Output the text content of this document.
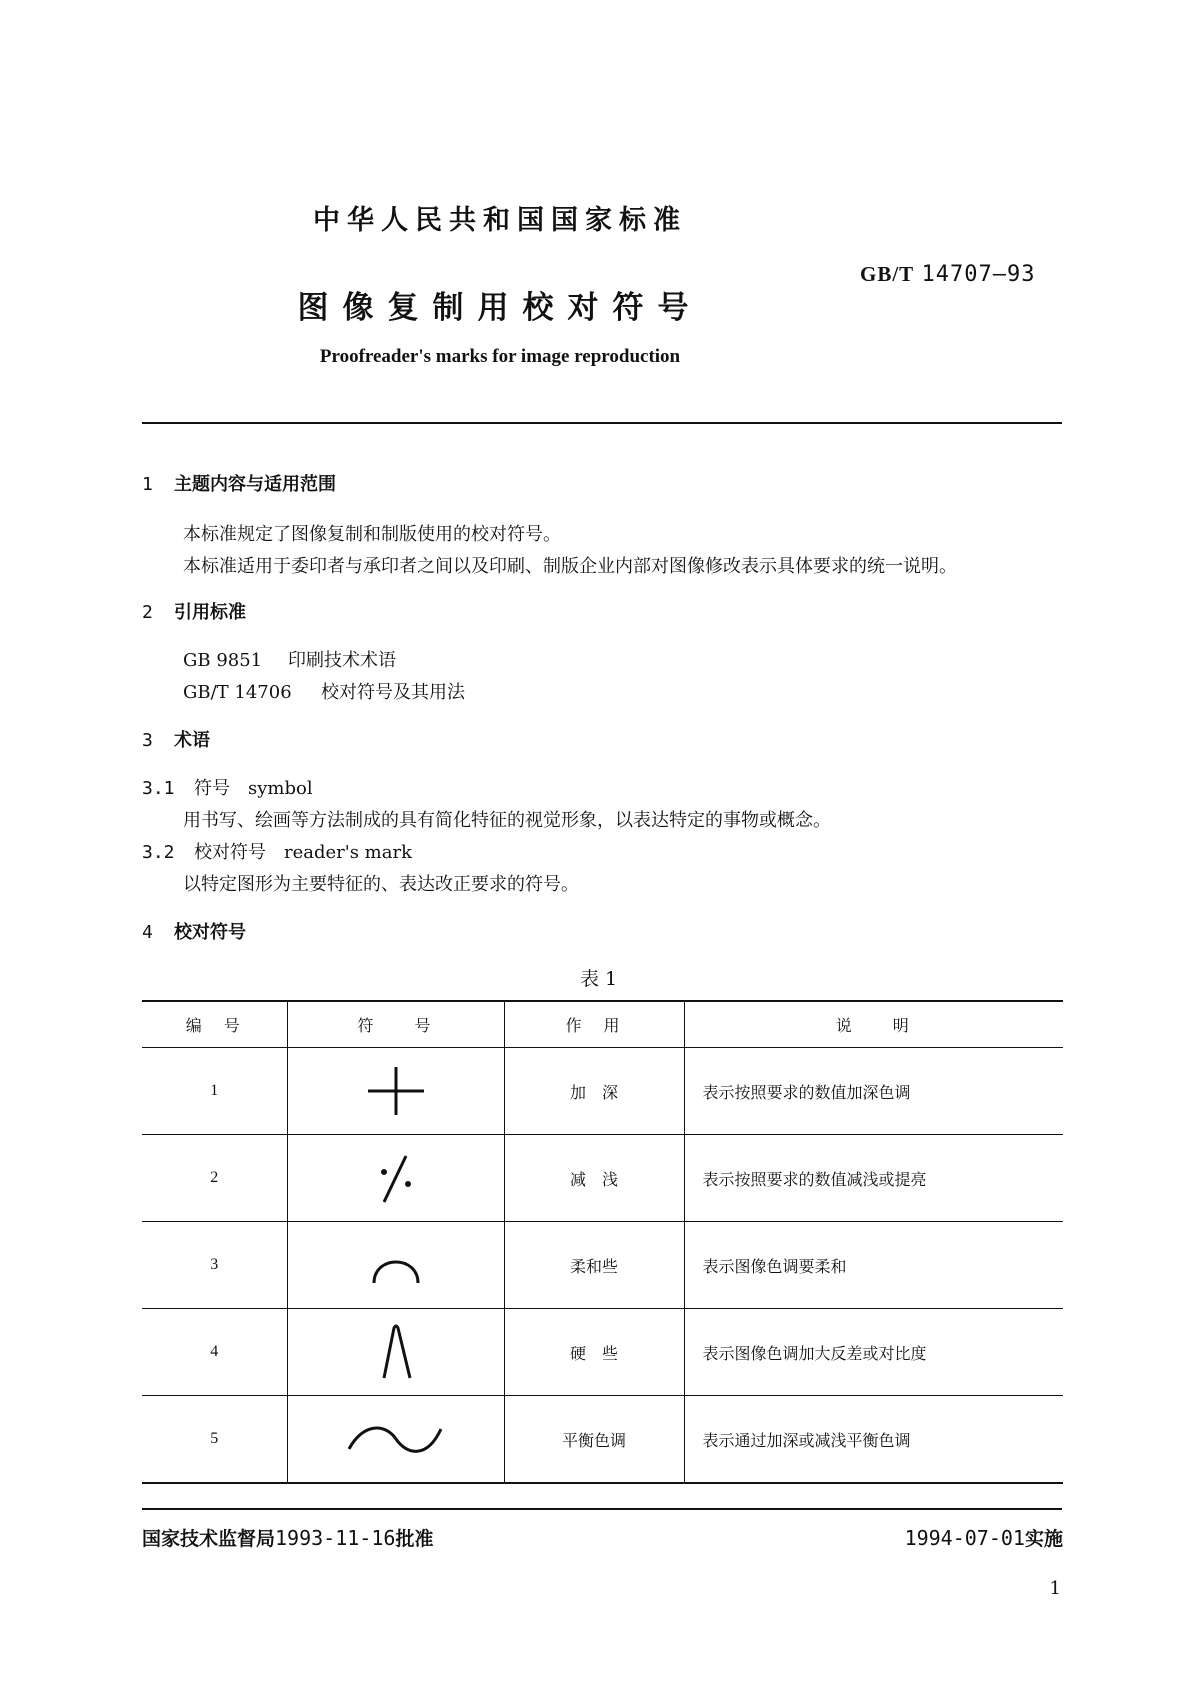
中华人民共和国国家标准
GB/T 14707—93
图像复制用校对符号
Proofreader's marks for image reproduction
1 主题内容与适用范围
本标准规定了图像复制和制版使用的校对符号。
本标准适用于委印者与承印者之间以及印刷、制版企业内部对图像修改表示具体要求的统一说明。
2 引用标准
GB 9851 印刷技术术语
GB/T 14706 校对符号及其用法
3 术语
3.1 符号 symbol
用书写、绘画等方法制成的具有简化特征的视觉形象，以表达特定的事物或概念。
3.2 校对符号 reader's mark
以特定图形为主要特征的、表达改正要求的符号。
4 校对符号
表 1
编　号	符　　号	作　用	说　　明
1		加　深	表示按照要求的数值加深色调
2		减　浅	表示按照要求的数值减浅或提亮
3		柔和些	表示图像色调要柔和
4		硬　些	表示图像色调加大反差或对比度
5		平衡色调	表示通过加深或减浅平衡色调
国家技术监督局1993-11-16批准	1994-07-01实施
1
